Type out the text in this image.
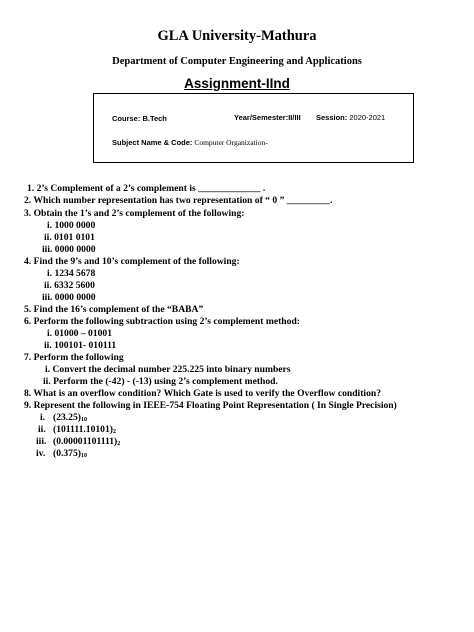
GLA University-Mathura
Department of Computer Engineering and Applications
Assignment-IInd
Course: B.Tech	Year/Semester:II/III Session: 2020-2021
Subject Name & Code: Computer Organization-
1. 2’s Complement of a 2’s complement is _____________ .
2. Which number representation has two representation of “ 0 ” _________.
3. Obtain the 1’s and 2’s complement of the following:
i. 1000 0000
ii. 0101 0101
iii. 0000 0000
4. Find the 9’s and 10’s complement of the following:
i. 1234 5678
ii. 6332 5600
iii. 0000 0000
5. Find the 16’s complement of the “BABA”
6. Perform the following subtraction using 2’s complement method:
i. 01000 – 01001
ii. 100101- 010111
7. Perform the following
i. Convert the decimal number 225.225 into binary numbers
ii. Perform the (-42) - (-13) using 2’s complement method.
8. What is an overflow condition? Which Gate is used to verify the Overflow condition?
9. Represent the following in IEEE-754 Floating Point Representation ( In Single Precision)
i. $(23.25)_{10}$
ii. $(101111.10101)_2$
iii. $(0.00001101111)_2$
iv. $(0.375)_{10}$
